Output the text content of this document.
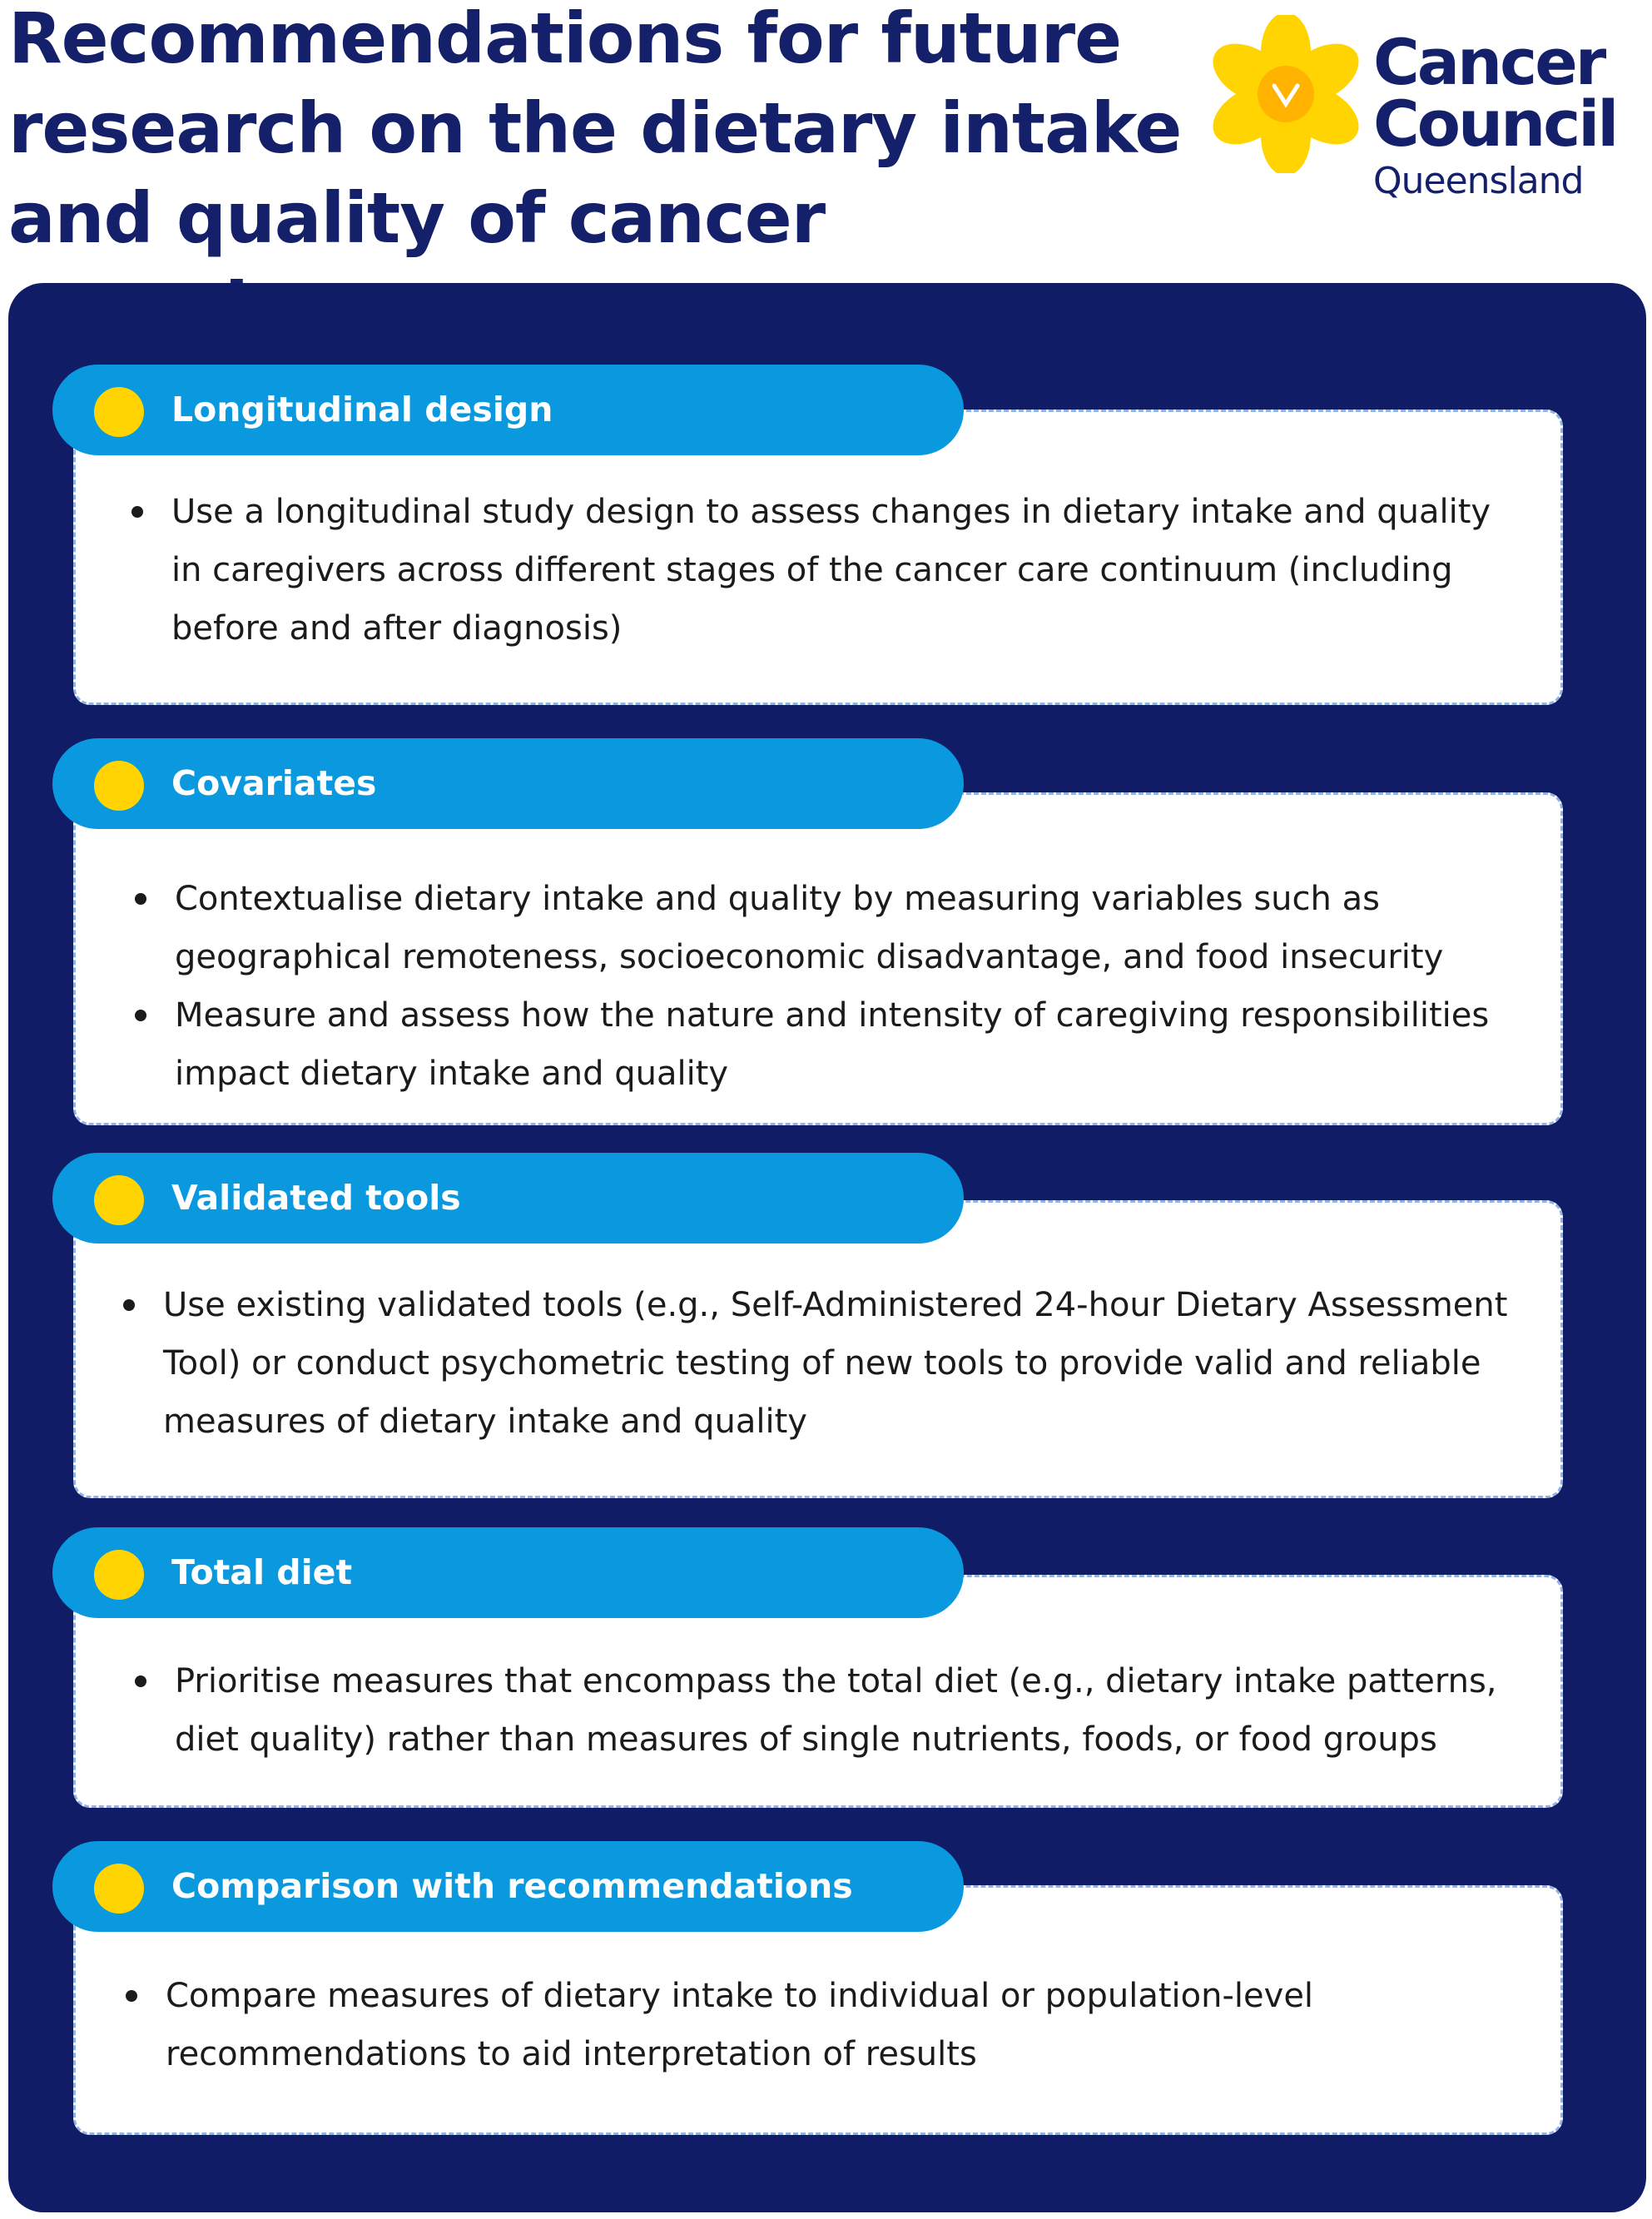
Recommendations for future research on the dietary intake and quality of cancer
Cancer
Council
Queensland
Use a longitudinal study design to assess changes in dietary intake and quality in caregivers across different stages of the cancer care continuum (including before and after diagnosis)
Longitudinal design
Contextualise dietary intake and quality by measuring variables such as geographical remoteness, socioeconomic disadvantage, and food insecurity
Measure and assess how the nature and intensity of caregiving responsibilities impact dietary intake and quality
Covariates
Use existing validated tools (e.g., Self-Administered 24-hour Dietary Assessment Tool) or conduct psychometric testing of new tools to provide valid and reliable measures of dietary intake and quality
Validated tools
Prioritise measures that encompass the total diet (e.g., dietary intake patterns, diet quality) rather than measures of single nutrients, foods, or food groups
Total diet
Compare measures of dietary intake to individual or population-level recommendations to aid interpretation of results
Comparison with recommendations
